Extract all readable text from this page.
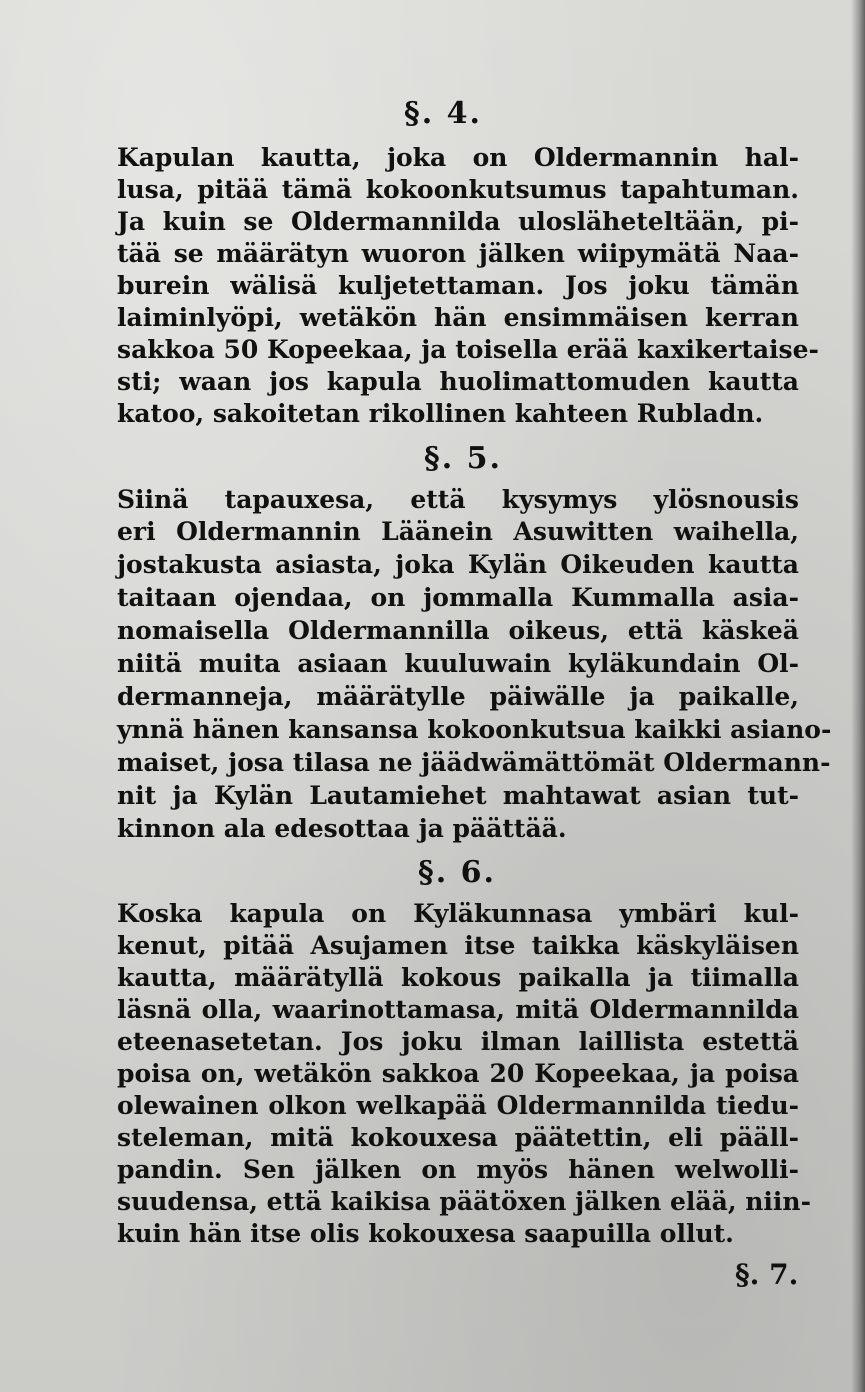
§. 4.
Kapulan kautta, joka on Oldermannin hal-
lusa, pitää tämä kokoonkutsumus tapahtuman.
Ja kuin se Oldermannilda ulosläheteltään, pi-
tää se määrätyn wuoron jälken wiipymätä Naa-
burein wälisä kuljetettaman. Jos joku tämän
laiminlyöpi, wetäkön hän ensimmäisen kerran
sakkoa 50 Kopeekaa, ja toisella erää kaxikertaise-
sti; waan jos kapula huolimattomuden kautta
katoo, sakoitetan rikollinen kahteen Rubladn.
§. 5.
Siinä tapauxesa, että kysymys ylösnousis
eri Oldermannin Läänein Asuwitten waihella,
jostakusta asiasta, joka Kylän Oikeuden kautta
taitaan ojendaa, on jommalla Kummalla asia-
nomaisella Oldermannilla oikeus, että käskeä
niitä muita asiaan kuuluwain kyläkundain Ol-
dermanneja, määrätylle päiwälle ja paikalle,
ynnä hänen kansansa kokoonkutsua kaikki asiano-
maiset, josa tilasa ne jäädwämättömät Oldermann-
nit ja Kylän Lautamiehet mahtawat asian tut-
kinnon ala edesottaa ja päättää.
§. 6.
Koska kapula on Kyläkunnasa ymbäri kul-
kenut, pitää Asujamen itse taikka käskyläisen
kautta, määrätyllä kokous paikalla ja tiimalla
läsnä olla, waarinottamasa, mitä Oldermannilda
eteenasetetan. Jos joku ilman laillista estettä
poisa on, wetäkön sakkoa 20 Kopeekaa, ja poisa
olewainen olkon welkapää Oldermannilda tiedu-
steleman, mitä kokouxesa päätettin, eli pääll-
pandin. Sen jälken on myös hänen welwolli-
suudensa, että kaikisa päätöxen jälken elää, niin-
kuin hän itse olis kokouxesa saapuilla ollut.
§. 7.
